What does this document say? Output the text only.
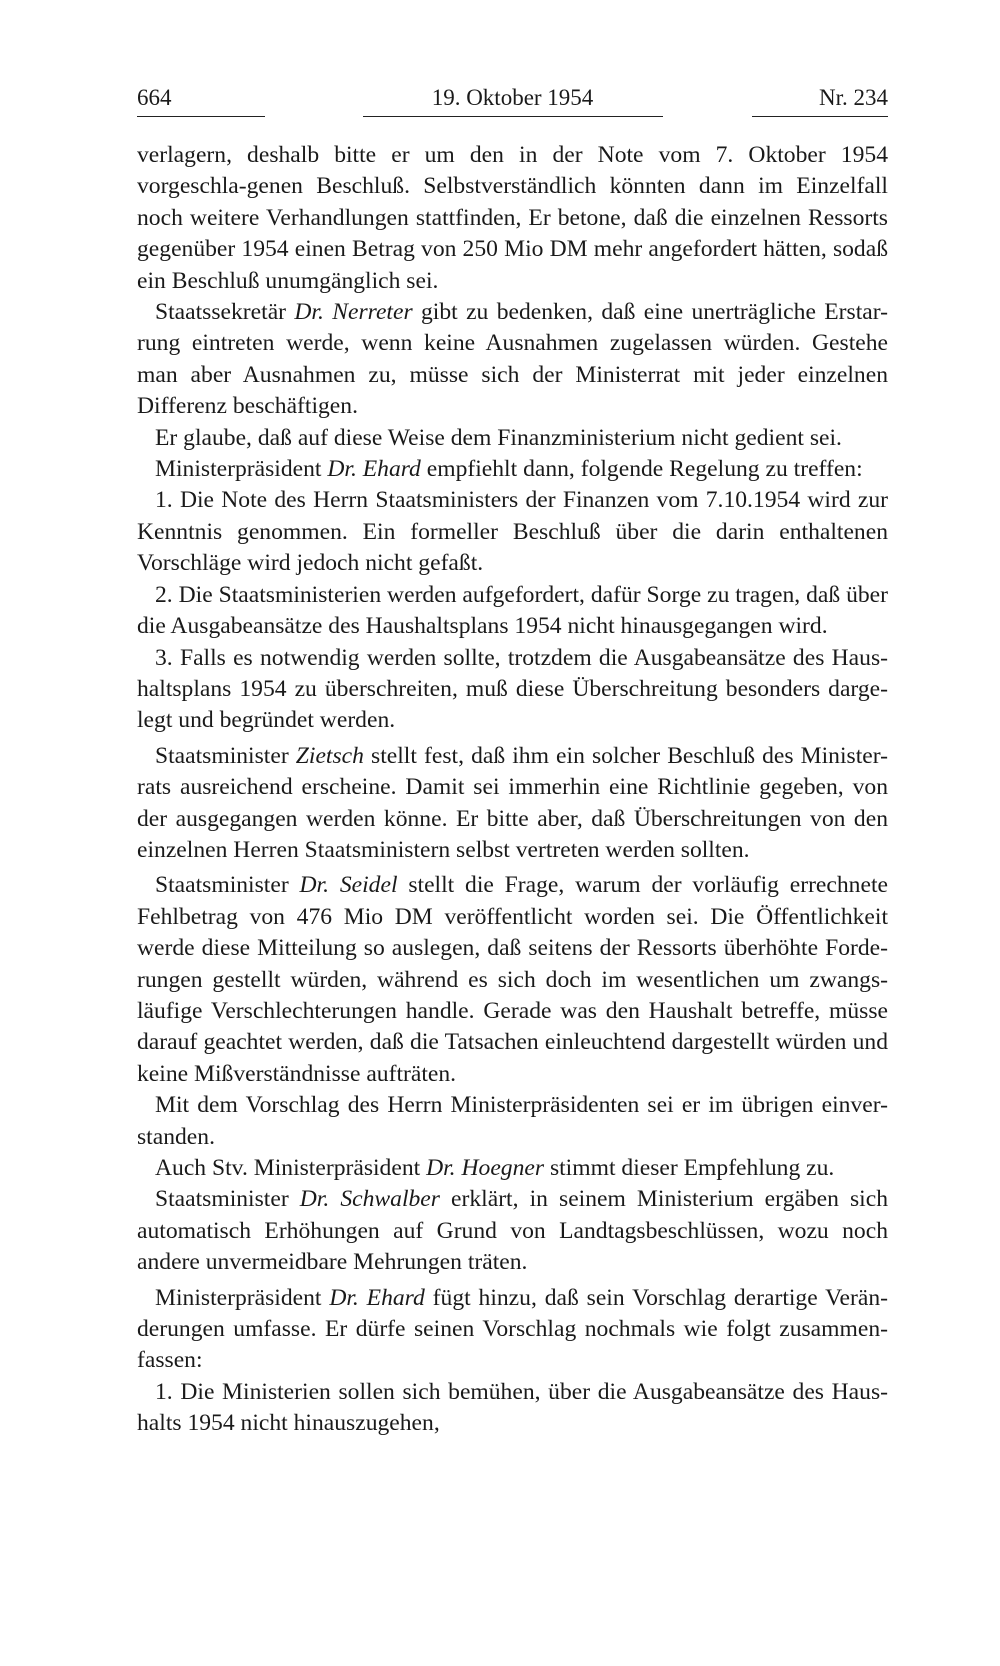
664	19. Oktober 1954	Nr. 234

verlagern, deshalb bitte er um den in der Note vom 7. Oktober 1954 vorgeschla-genen Beschluß. Selbstverständlich könnten dann im Einzelfall noch weitere Verhandlungen stattfinden, Er betone, daß die einzelnen Ressorts gegenüber 1954 einen Betrag von 250 Mio DM mehr angefordert hätten, sodaß ein Beschluß unumgänglich sei.

Staatssekretär Dr. Nerreter gibt zu bedenken, daß eine unerträgliche Erstar-rung eintreten werde, wenn keine Ausnahmen zugelassen würden. Gestehe man aber Ausnahmen zu, müsse sich der Ministerrat mit jeder einzelnen Differenz beschäftigen.

Er glaube, daß auf diese Weise dem Finanzministerium nicht gedient sei.

Ministerpräsident Dr. Ehard empfiehlt dann, folgende Regelung zu treffen:

1. Die Note des Herrn Staatsministers der Finanzen vom 7.10.1954 wird zur Kenntnis genommen. Ein formeller Beschluß über die darin enthaltenen Vorschläge wird jedoch nicht gefaßt.

2. Die Staatsministerien werden aufgefordert, dafür Sorge zu tragen, daß über die Ausgabeansätze des Haushaltsplans 1954 nicht hinausgegangen wird.

3. Falls es notwendig werden sollte, trotzdem die Ausgabeansätze des Haus-haltsplans 1954 zu überschreiten, muß diese Überschreitung besonders darge-legt und begründet werden.

Staatsminister Zietsch stellt fest, daß ihm ein solcher Beschluß des Minister-rats ausreichend erscheine. Damit sei immerhin eine Richtlinie gegeben, von der ausgegangen werden könne. Er bitte aber, daß Überschreitungen von den einzelnen Herren Staatsministern selbst vertreten werden sollten.

Staatsminister Dr. Seidel stellt die Frage, warum der vorläufig errechnete Fehlbetrag von 476 Mio DM veröffentlicht worden sei. Die Öffentlichkeit werde diese Mitteilung so auslegen, daß seitens der Ressorts überhöhte Forde-rungen gestellt würden, während es sich doch im wesentlichen um zwangs-läufige Verschlechterungen handle. Gerade was den Haushalt betreffe, müsse darauf geachtet werden, daß die Tatsachen einleuchtend dargestellt würden und keine Mißverständnisse aufträten.

Mit dem Vorschlag des Herrn Ministerpräsidenten sei er im übrigen einver-standen.

Auch Stv. Ministerpräsident Dr. Hoegner stimmt dieser Empfehlung zu.

Staatsminister Dr. Schwalber erklärt, in seinem Ministerium ergäben sich automatisch Erhöhungen auf Grund von Landtagsbeschlüssen, wozu noch andere unvermeidbare Mehrungen träten.

Ministerpräsident Dr. Ehard fügt hinzu, daß sein Vorschlag derartige Verän-derungen umfasse. Er dürfe seinen Vorschlag nochmals wie folgt zusammen-fassen:

1. Die Ministerien sollen sich bemühen, über die Ausgabeansätze des Haus-halts 1954 nicht hinauszugehen,
